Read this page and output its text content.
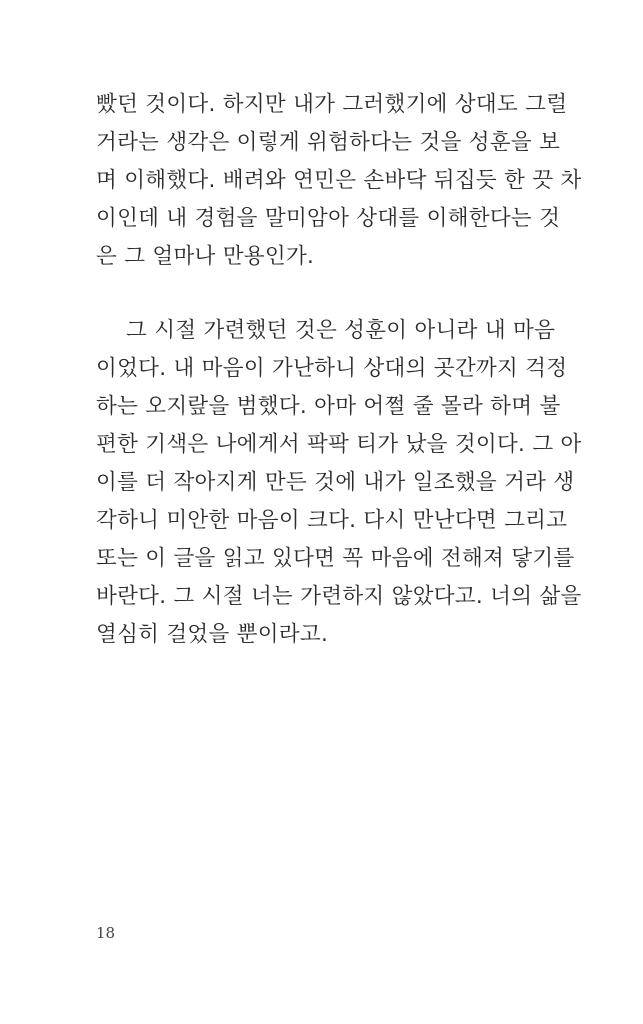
빴던 것이다. 하지만 내가 그러했기에 상대도 그럴
거라는 생각은 이렇게 위험하다는 것을 성훈을 보
며 이해했다. 배려와 연민은 손바닥 뒤집듯 한 끗 차
이인데 내 경험을 말미암아 상대를 이해한다는 것
은 그 얼마나 만용인가.
그 시절 가련했던 것은 성훈이 아니라 내 마음
이었다. 내 마음이 가난하니 상대의 곳간까지 걱정
하는 오지랖을 범했다. 아마 어쩔 줄 몰라 하며 불
편한 기색은 나에게서 팍팍 티가 났을 것이다. 그 아
이를 더 작아지게 만든 것에 내가 일조했을 거라 생
각하니 미안한 마음이 크다. 다시 만난다면 그리고
또는 이 글을 읽고 있다면 꼭 마음에 전해져 닿기를
바란다. 그 시절 너는 가련하지 않았다고. 너의 삶을
열심히 걸었을 뿐이라고.
18
